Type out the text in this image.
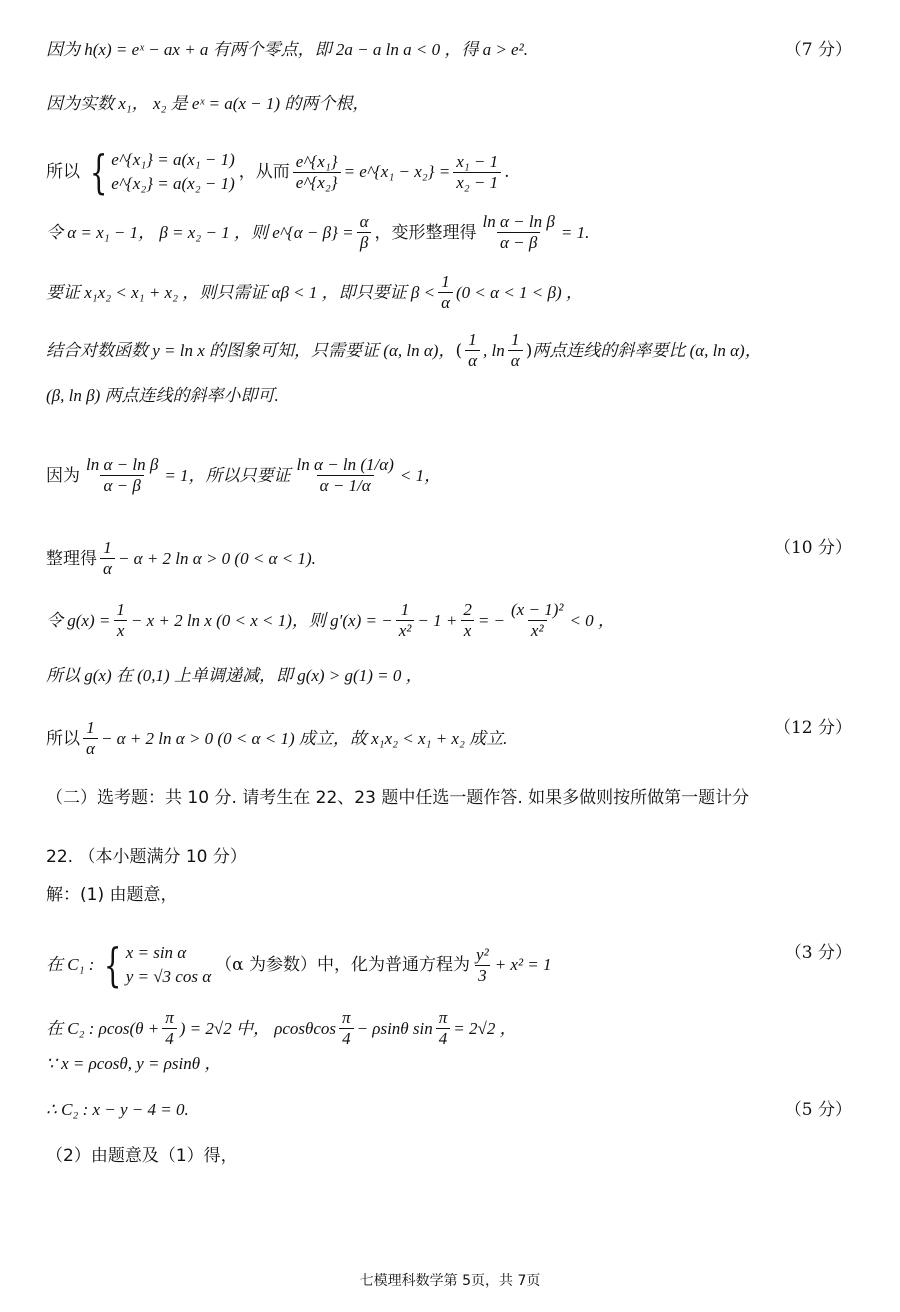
因为 h(x) = eˣ − ax + a 有两个零点，即 2a − a ln a < 0 ，得 a > e².	（7 分）
因为实数 x₁， x₂ 是 eˣ = a(x − 1) 的两个根，
所以 { e^{x₁} = a(x₁ − 1)
e^{x₂} = a(x₂ − 1)
，从而 $\frac{\text{e\textasciicircum{}\{x₁\}}}{\text{e\textasciicircum{}\{x₂\}}}$ = e^{x₁ − $x_2\} = \frac{\text{x₁ − 1}}{\text{x₂ − 1}}$ .
令 α = x₁ − 1， β = x₂ − 1 ，则 e^{α − $\beta\} = \frac{\alpha}{\beta}$ ，变形整理得 $\frac{\text{ln α − ln β}}{\alpha - \beta} = 1$.
要证 x₁x₂ < x₁ + x₂ ，则只需证 αβ < 1 ，即只要证 $\beta < \frac{1}{\alpha} (0 < \alpha < 1 < \beta)$ ，
结合对数函数 y = ln x 的图象可知，只需要证 (α, ln α)， ( $\frac{1}{\alpha}$ , $\ln \frac{1}{\alpha}$ ) 两点连线的斜率要比 (α, ln α)，
(β, ln β) 两点连线的斜率小即可.
因为 $\frac{\text{ln α − ln β}}{\alpha - \beta} = 1$，所以只要证 $\frac{\text{ln α − ln (1/α)}}{\alpha - 1/\alpha} < 1$，
整理得 $\frac{1}{\alpha} - \alpha + 2$ ln α > 0 (0 < α < 1).	（10 分）
令 $g(x) = \frac{1}{x} - x + 2$ ln x (0 < x < 1)，则 g′(x) = − $\frac{1}{\text{x²}} - 1 + \frac{2}{x}$ = − $\frac{\text{(x − 1)²}}{\text{x²}} < 0$ ，
所以 g(x) 在 (0,1) 上单调递减，即 g(x) > g(1) = 0 ，
所以 $\frac{1}{\alpha} - \alpha + 2$ ln α > 0 (0 < α < 1) 成立，故 x₁x₂ < x₁ + x₂ 成立.	（12 分）
（二）选考题：共 10 分. 请考生在 22、23 题中任选一题作答. 如果多做则按所做第一题计分
22. （本小题满分 10 分）
解：(1) 由题意，
在 C₁ : { x = sin α
y = √3 cos α
（α 为参数）中，化为普通方程为 $\frac{\text{y²}}{3} + x^2 = 1$
（3 分）
在 C₂ : $\rho\cos(\theta + \frac{\pi}{4}$ ) = 2√2 中， ρcosθcos $\frac{\pi}{4} - \rho\sin\theta$ $\sin \frac{\pi}{4} = 2√2$ ，
∵ x = ρcosθ, y = ρsinθ ，
∴ C₂ : x − y − 4 = 0.	（5 分）
（2）由题意及（1）得，
七模理科数学第 5页，共 7页
